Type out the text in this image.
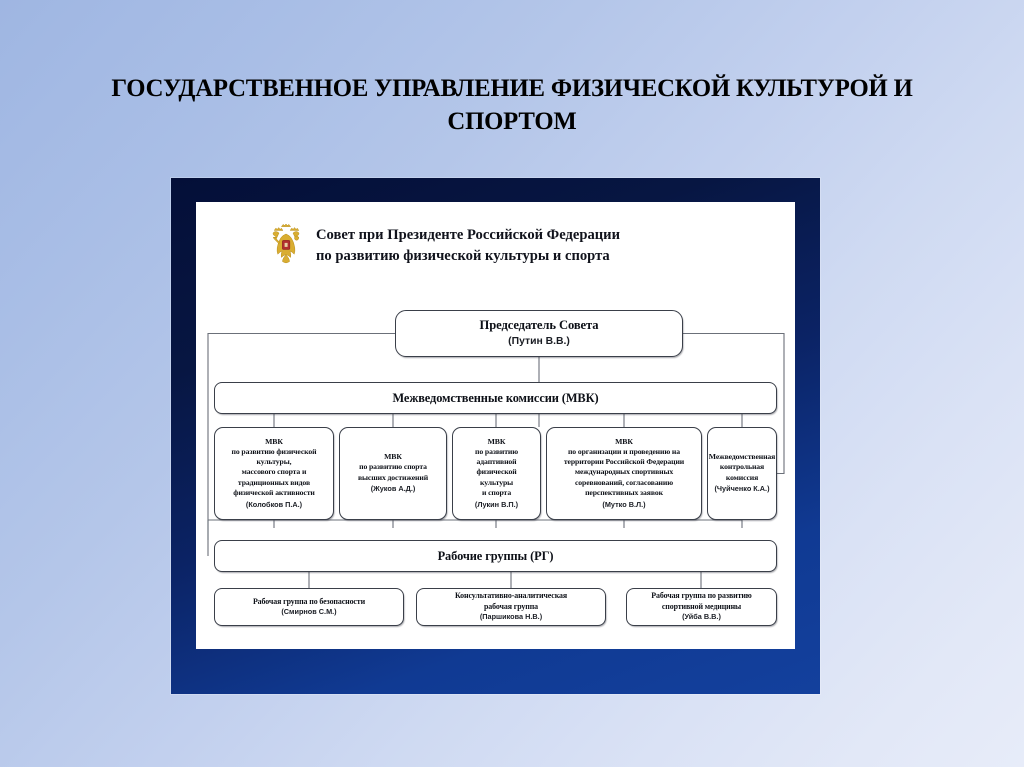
ГОСУДАРСТВЕННОЕ УПРАВЛЕНИЕ ФИЗИЧЕСКОЙ КУЛЬТУРОЙ И СПОРТОМ
Совет при Президенте Российской Федерации
по развитию физической культуры и спорта
Председатель Совета
(Путин В.В.)
Межведомственные комиссии (МВК)
МВК
по развитию физической
культуры,
массового спорта и
традиционных видов
физической активности
(Колобков П.А.)
МВК
по развитию спорта
высших достижений
(Жуков А.Д.)
МВК
по развитию
адаптивной
физической
культуры
и спорта
(Лукин В.П.)
МВК
по организации и проведению на
территории Российской Федерации
международных спортивных
соревнований, согласованию
перспективных заявок
(Мутко В.Л.)
Межведомственная
контрольная
комиссия
(Чуйченко К.А.)
Рабочие группы (РГ)
Рабочая группа по безопасности
(Смирнов С.М.)
Консультативно-аналитическая
рабочая группа
(Паршикова Н.В.)
Рабочая группа по развитию
спортивной медицины
(Уйба В.В.)
